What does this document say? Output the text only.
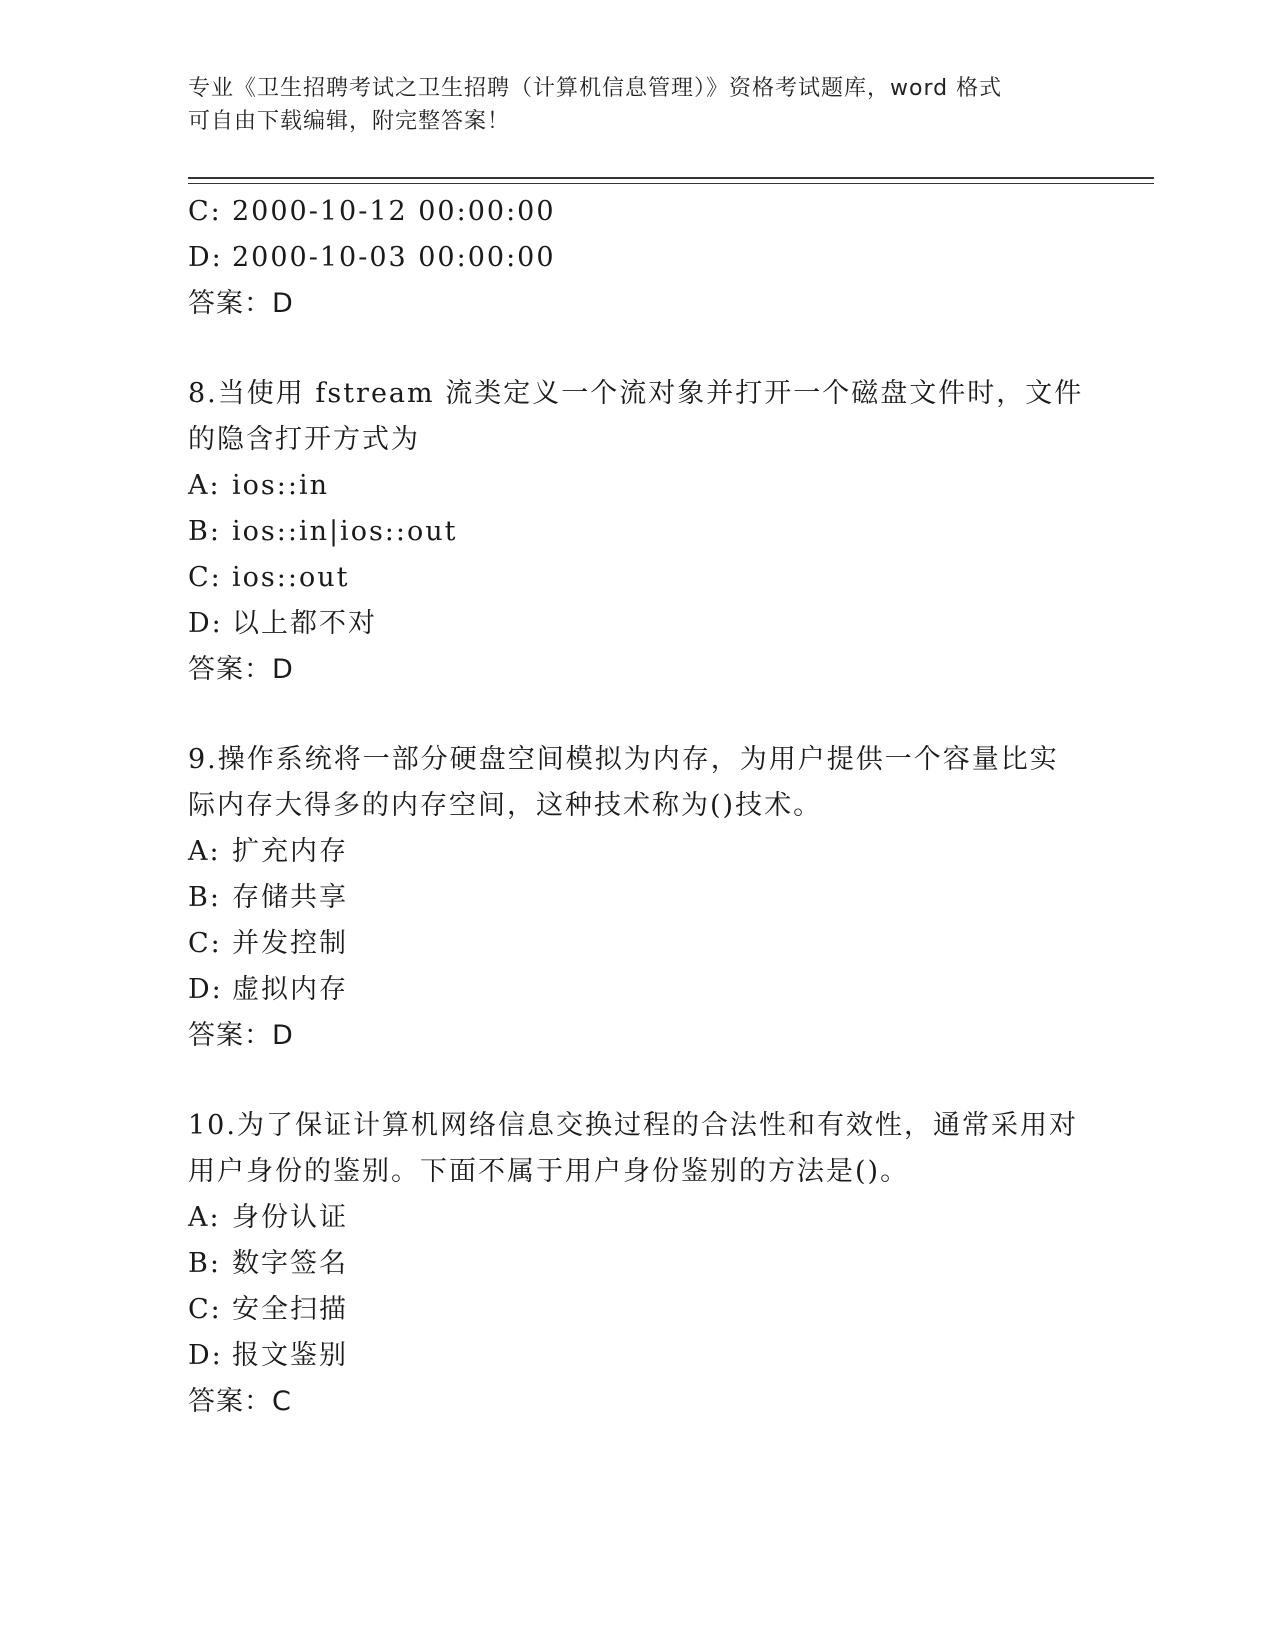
专业《卫生招聘考试之卫生招聘（计算机信息管理）》资格考试题库，word 格式
可自由下载编辑，附完整答案！
C: 2000-10-12 00:00:00
D: 2000-10-03 00:00:00
答案：D
8.当使用 fstream 流类定义一个流对象并打开一个磁盘文件时，文件
的隐含打开方式为
A: ios::in
B: ios::in|ios::out
C: ios::out
D: 以上都不对
答案：D
9.操作系统将一部分硬盘空间模拟为内存，为用户提供一个容量比实
际内存大得多的内存空间，这种技术称为()技术。
A: 扩充内存
B: 存储共享
C: 并发控制
D: 虚拟内存
答案：D
10.为了保证计算机网络信息交换过程的合法性和有效性，通常采用对
用户身份的鉴别。下面不属于用户身份鉴别的方法是()。
A: 身份认证
B: 数字签名
C: 安全扫描
D: 报文鉴别
答案：C
